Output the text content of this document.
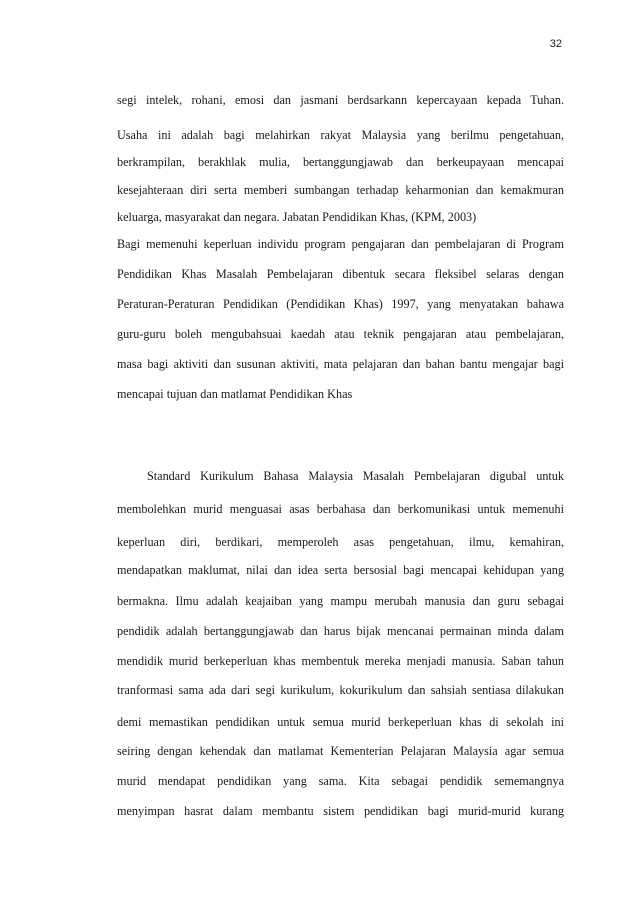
32
segi intelek, rohani, emosi dan jasmani berdsarkann kepercayaan kepada Tuhan.
Usaha ini adalah bagi melahirkan rakyat Malaysia yang berilmu pengetahuan,
berkrampilan, berakhlak mulia, bertanggungjawab dan berkeupayaan mencapai
kesejahteraan diri serta memberi sumbangan terhadap keharmonian dan kemakmuran
keluarga, masyarakat dan negara. Jabatan Pendidikan Khas, (KPM, 2003)
Bagi memenuhi keperluan individu program pengajaran dan pembelajaran di Program
Pendidikan Khas Masalah Pembelajaran dibentuk secara fleksibel selaras dengan
Peraturan-Peraturan Pendidikan (Pendidikan Khas) 1997, yang menyatakan bahawa
guru-guru boleh mengubahsuai kaedah atau teknik pengajaran atau pembelajaran,
masa bagi aktiviti dan susunan aktiviti, mata pelajaran dan bahan bantu mengajar bagi
mencapai tujuan dan matlamat Pendidikan Khas
Standard Kurikulum Bahasa Malaysia Masalah Pembelajaran digubal untuk
membolehkan murid menguasai asas berbahasa dan berkomunikasi untuk memenuhi
keperluan diri, berdikari, memperoleh asas pengetahuan, ilmu, kemahiran,
mendapatkan maklumat, nilai dan idea serta bersosial bagi mencapai kehidupan yang
bermakna. Ilmu adalah keajaiban yang mampu merubah manusia dan guru sebagai
pendidik adalah bertanggungjawab dan harus bijak mencanai permainan minda dalam
mendidik murid berkeperluan khas membentuk mereka menjadi manusia. Saban tahun
tranformasi sama ada dari segi kurikulum, kokurikulum dan sahsiah sentiasa dilakukan
demi memastikan pendidikan untuk semua murid berkeperluan khas di sekolah ini
seiring dengan kehendak dan matlamat Kementerian Pelajaran Malaysia agar semua
murid mendapat pendidikan yang sama. Kita sebagai pendidik sememangnya
menyimpan hasrat dalam membantu sistem pendidikan bagi murid-murid kurang
